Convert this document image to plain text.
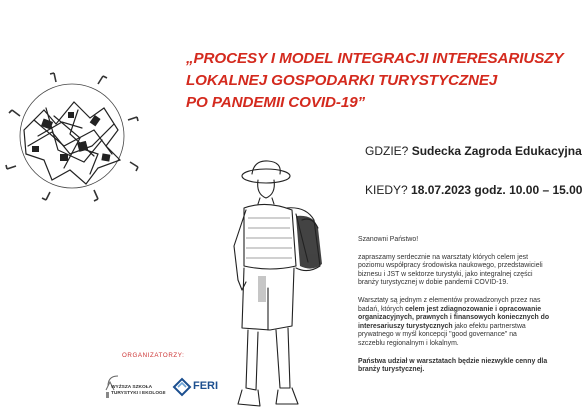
„PROCESY I MODEL INTEGRACJI INTERESARIUSZY
LOKALNEJ GOSPODARKI TURYSTYCZNEJ
PO PANDEMII COVID-19”
GDZIE? Sudecka Zagroda Edukacyjna
KIEDY? 18.07.2023 godz. 10.00 – 15.00

Szanowni Państwo!

zapraszamy serdecznie na warsztaty których celem jest
poziomu współpracy środowiska naukowego, przedstawicieli
biznesu i JST w sektorze turystyki, jako integralnej części
branży turystycznej w dobie pandemii COVID-19.

Warsztaty są jednym z elementów prowadzonych przez nas
badań, których celem jest zdiagnozowanie i opracowanie
organizacyjnych, prawnych i finansowych koniecznych do
interesariuszy turystycznych jako efektu partnerstwa
prywatnego w myśl koncepcji "good governance" na
szczeblu regionalnym i lokalnym.

Państwa udział w warsztatach będzie niezwykle cenny dla
branży turystycznej.

ORGANIZATORZY:
WYŻSZA SZKOŁA TURYSTYKI I EKOLOGII
FERI
